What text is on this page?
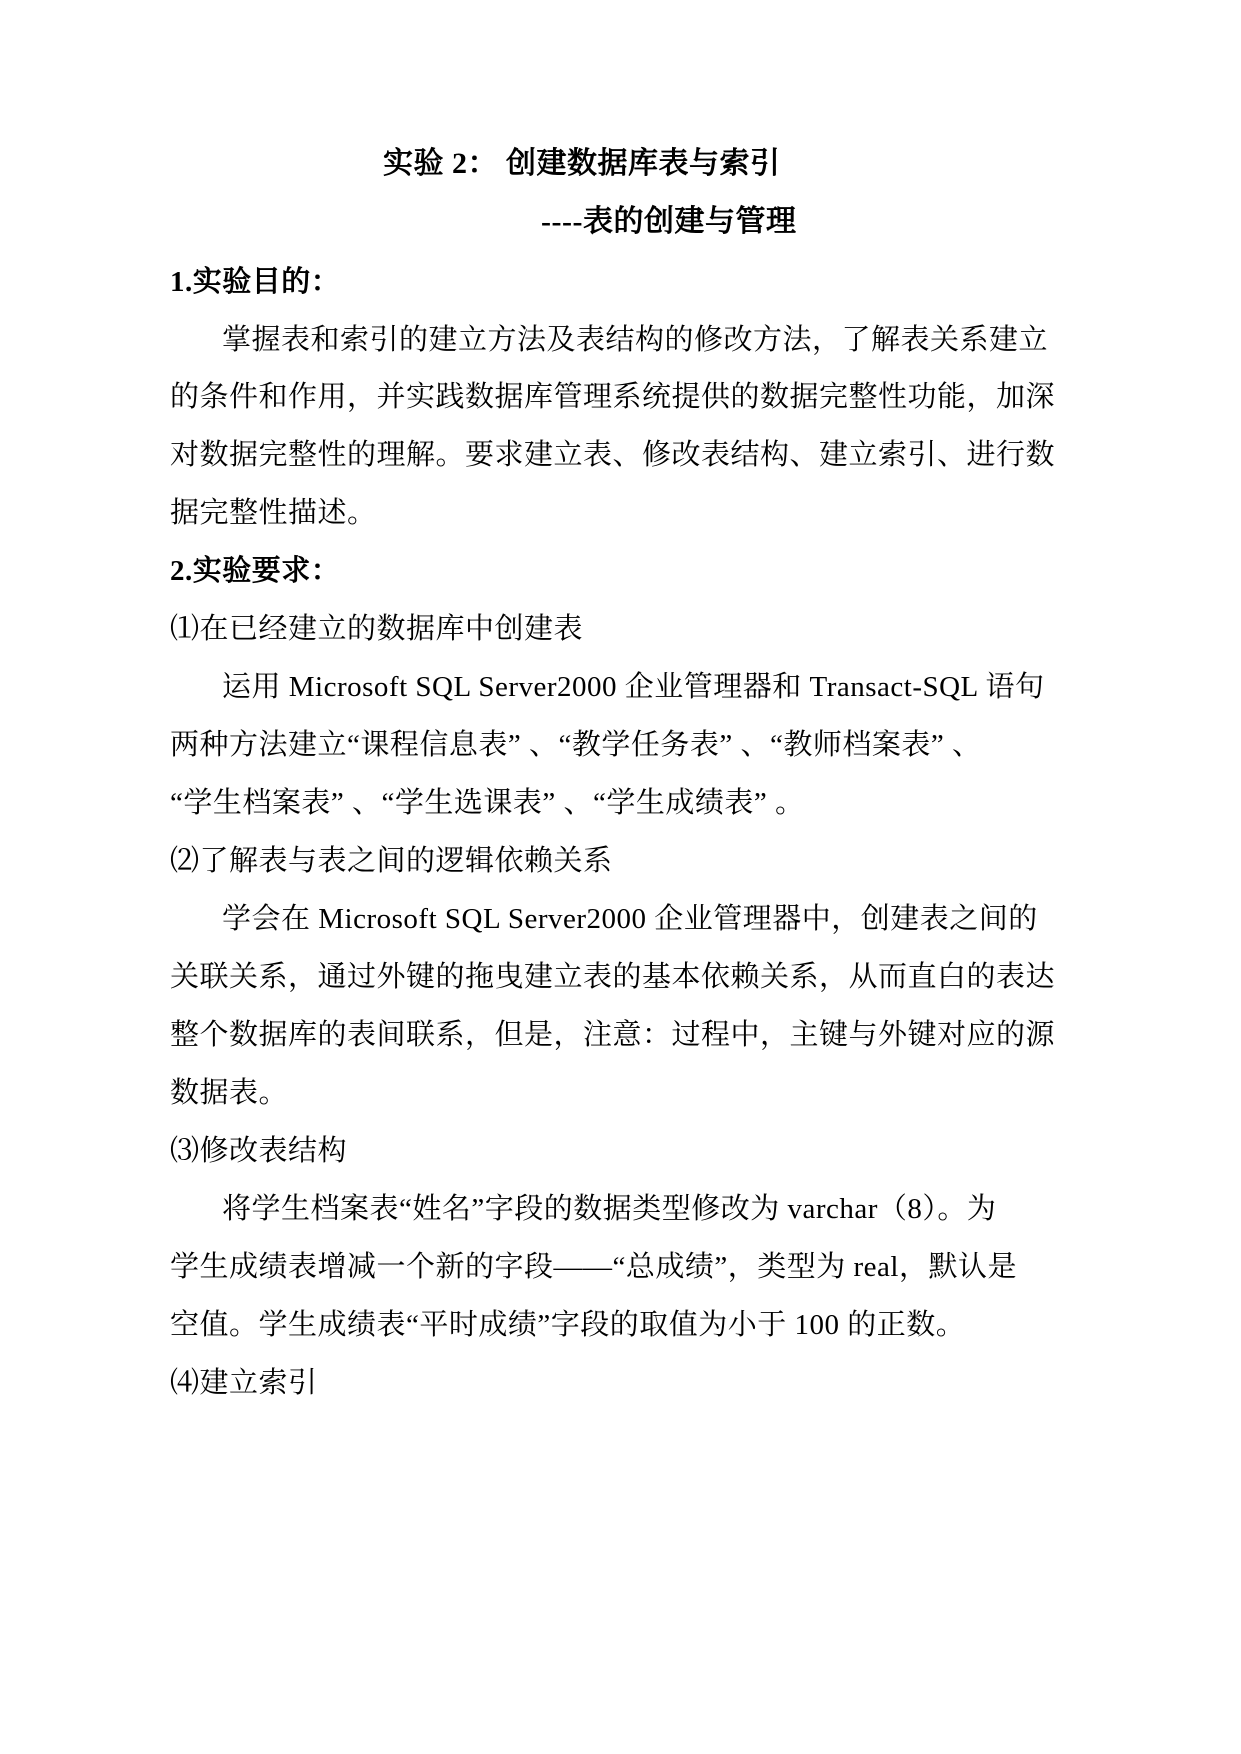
实验 2： 创建数据库表与索引
----表的创建与管理
1.实验目的：
掌握表和索引的建立方法及表结构的修改方法，了解表关系建立
的条件和作用，并实践数据库管理系统提供的数据完整性功能，加深
对数据完整性的理解。要求建立表、修改表结构、建立索引、进行数
据完整性描述。
2.实验要求：
⑴在已经建立的数据库中创建表
运用 Microsoft SQL Server2000 企业管理器和 Transact-SQL 语句
两种方法建立“课程信息表” 、“教学任务表” 、“教师档案表” 、
“学生档案表” 、“学生选课表” 、“学生成绩表” 。
⑵了解表与表之间的逻辑依赖关系
学会在 Microsoft SQL Server2000 企业管理器中，创建表之间的
关联关系，通过外键的拖曳建立表的基本依赖关系，从而直白的表达
整个数据库的表间联系，但是，注意：过程中，主键与外键对应的源
数据表。
⑶修改表结构
将学生档案表“姓名”字段的数据类型修改为 varchar（8）。为
学生成绩表增减一个新的字段——“总成绩”，类型为 real，默认是
空值。学生成绩表“平时成绩”字段的取值为小于 100 的正数。
⑷建立索引
